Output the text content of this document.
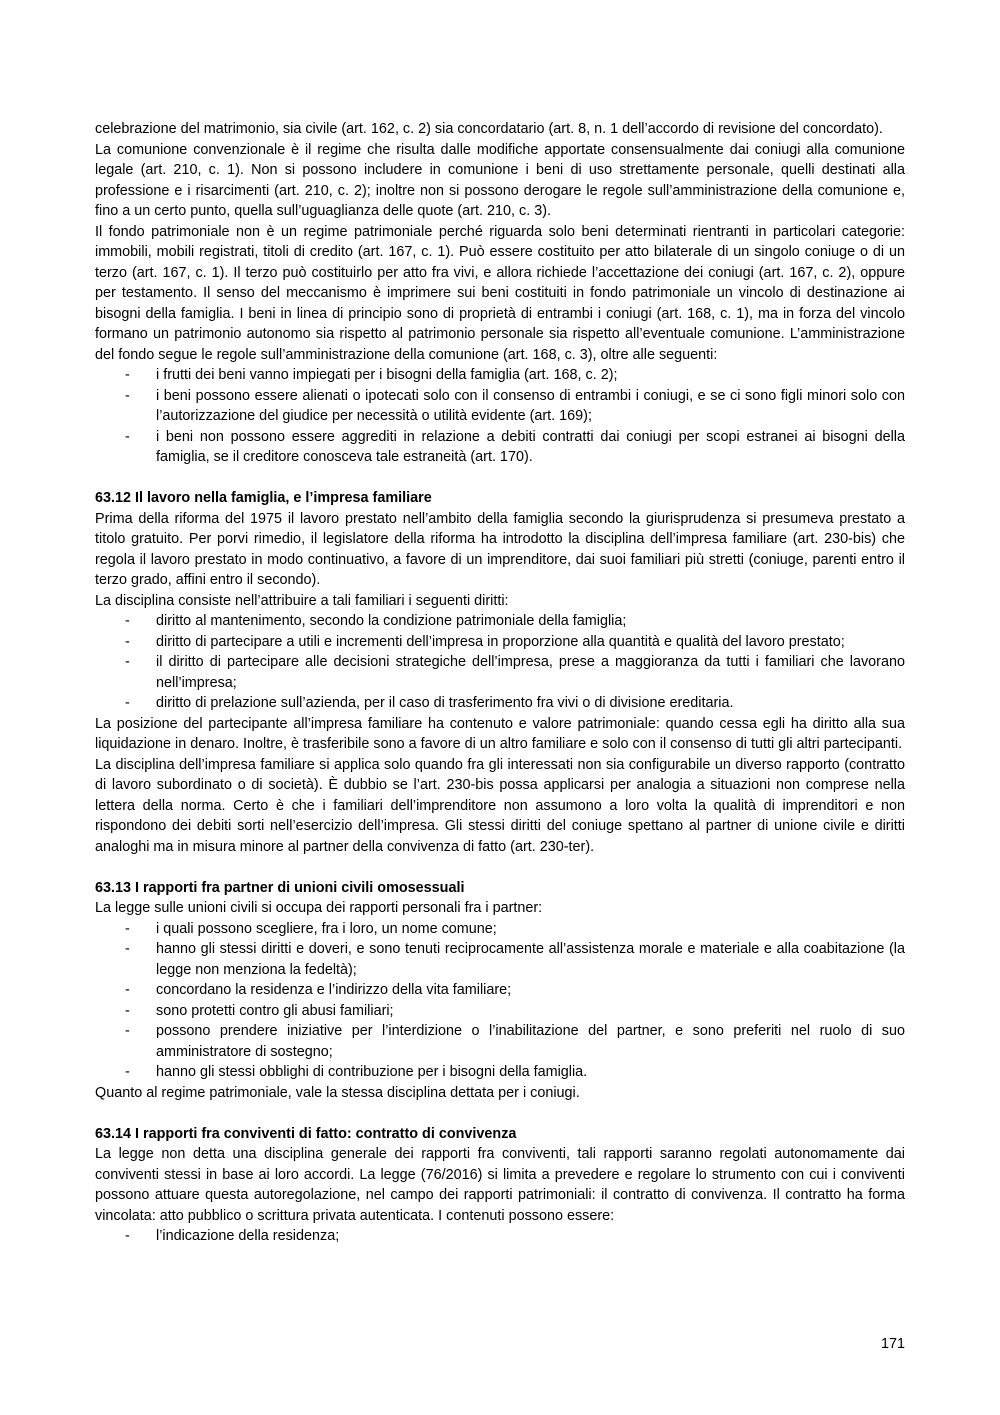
celebrazione del matrimonio, sia civile (art. 162, c. 2) sia concordatario (art. 8, n. 1 dell’accordo di revisione del concordato).

La comunione convenzionale è il regime che risulta dalle modifiche apportate consensualmente dai coniugi alla comunione legale (art. 210, c. 1). Non si possono includere in comunione i beni di uso strettamente personale, quelli destinati alla professione e i risarcimenti (art. 210, c. 2); inoltre non si possono derogare le regole sull’amministrazione della comunione e, fino a un certo punto, quella sull’uguaglianza delle quote (art. 210, c. 3).

Il fondo patrimoniale non è un regime patrimoniale perché riguarda solo beni determinati rientranti in particolari categorie: immobili, mobili registrati, titoli di credito (art. 167, c. 1). Può essere costituito per atto bilaterale di un singolo coniuge o di un terzo (art. 167, c. 1). Il terzo può costituirlo per atto fra vivi, e allora richiede l’accettazione dei coniugi (art. 167, c. 2), oppure per testamento. Il senso del meccanismo è imprimere sui beni costituiti in fondo patrimoniale un vincolo di destinazione ai bisogni della famiglia. I beni in linea di principio sono di proprietà di entrambi i coniugi (art. 168, c. 1), ma in forza del vincolo formano un patrimonio autonomo sia rispetto al patrimonio personale sia rispetto all’eventuale comunione. L’amministrazione del fondo segue le regole sull’amministrazione della comunione (art. 168, c. 3), oltre alle seguenti:

- i frutti dei beni vanno impiegati per i bisogni della famiglia (art. 168, c. 2);
- i beni possono essere alienati o ipotecati solo con il consenso di entrambi i coniugi, e se ci sono figli minori solo con l’autorizzazione del giudice per necessità o utilità evidente (art. 169);
- i beni non possono essere aggrediti in relazione a debiti contratti dai coniugi per scopi estranei ai bisogni della famiglia, se il creditore conosceva tale estraneità (art. 170).

63.12 Il lavoro nella famiglia, e l’impresa familiare

Prima della riforma del 1975 il lavoro prestato nell’ambito della famiglia secondo la giurisprudenza si presumeva prestato a titolo gratuito. Per porvi rimedio, il legislatore della riforma ha introdotto la disciplina dell’impresa familiare (art. 230-bis) che regola il lavoro prestato in modo continuativo, a favore di un imprenditore, dai suoi familiari più stretti (coniuge, parenti entro il terzo grado, affini entro il secondo).

La disciplina consiste nell’attribuire a tali familiari i seguenti diritti:

- diritto al mantenimento, secondo la condizione patrimoniale della famiglia;
- diritto di partecipare a utili e incrementi dell’impresa in proporzione alla quantità e qualità del lavoro prestato;
- il diritto di partecipare alle decisioni strategiche dell’impresa, prese a maggioranza da tutti i familiari che lavorano nell’impresa;
- diritto di prelazione sull’azienda, per il caso di trasferimento fra vivi o di divisione ereditaria.

La posizione del partecipante all’impresa familiare ha contenuto e valore patrimoniale: quando cessa egli ha diritto alla sua liquidazione in denaro. Inoltre, è trasferibile sono a favore di un altro familiare e solo con il consenso di tutti gli altri partecipanti.

La disciplina dell’impresa familiare si applica solo quando fra gli interessati non sia configurabile un diverso rapporto (contratto di lavoro subordinato o di società). È dubbio se l’art. 230-bis possa applicarsi per analogia a situazioni non comprese nella lettera della norma. Certo è che i familiari dell’imprenditore non assumono a loro volta la qualità di imprenditori e non rispondono dei debiti sorti nell’esercizio dell’impresa. Gli stessi diritti del coniuge spettano al partner di unione civile e diritti analoghi ma in misura minore al partner della convivenza di fatto (art. 230-ter).

63.13 I rapporti fra partner di unioni civili omosessuali

La legge sulle unioni civili si occupa dei rapporti personali fra i partner:

- i quali possono scegliere, fra i loro, un nome comune;
- hanno gli stessi diritti e doveri, e sono tenuti reciprocamente all’assistenza morale e materiale e alla coabitazione (la legge non menziona la fedeltà);
- concordano la residenza e l’indirizzo della vita familiare;
- sono protetti contro gli abusi familiari;
- possono prendere iniziative per l’interdizione o l’inabilitazione del partner, e sono preferiti nel ruolo di suo amministratore di sostegno;
- hanno gli stessi obblighi di contribuzione per i bisogni della famiglia.

Quanto al regime patrimoniale, vale la stessa disciplina dettata per i coniugi.

63.14 I rapporti fra conviventi di fatto: contratto di convivenza

La legge non detta una disciplina generale dei rapporti fra conviventi, tali rapporti saranno regolati autonomamente dai conviventi stessi in base ai loro accordi. La legge (76/2016) si limita a prevedere e regolare lo strumento con cui i conviventi possono attuare questa autoregolazione, nel campo dei rapporti patrimoniali: il contratto di convivenza. Il contratto ha forma vincolata: atto pubblico o scrittura privata autenticata. I contenuti possono essere:

- l’indicazione della residenza;
171
